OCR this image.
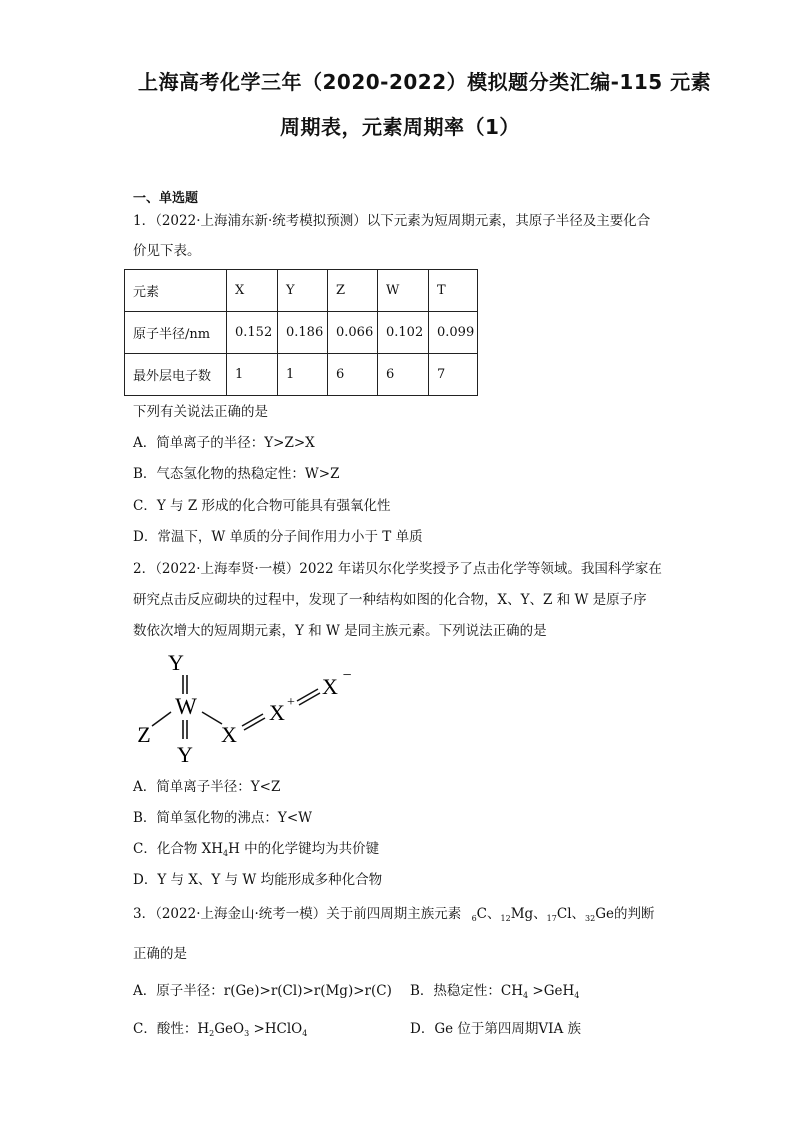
上海高考化学三年（2020-2022）模拟题分类汇编-115 元素
周期表，元素周期率（1）
一、单选题
1．（2022·上海浦东新·统考模拟预测）以下元素为短周期元素，其原子半径及主要化合
价见下表。
元素	X	Y	Z	W	T
原子半径/nm	0.152	0.186	0.066	0.102	0.099
最外层电子数	1	1	6	6	7
下列有关说法正确的是
A．简单离子的半径：Y>Z>X
B．气态氢化物的热稳定性：W>Z
C．Y 与 Z 形成的化合物可能具有强氧化性
D．常温下，W 单质的分子间作用力小于 T 单质
2．（2022·上海奉贤·一模）2022 年诺贝尔化学奖授予了点击化学等领域。我国科学家在
研究点击反应砌块的过程中，发现了一种结构如图的化合物，X、Y、Z 和 W 是原子序
数依次增大的短周期元素，Y 和 W 是同主族元素。下列说法正确的是
Y
W
Y
Z	X
X +
X −
A．简单离子半径：Y<Z
B．简单氢化物的沸点：Y<W
C．化合物 $XH_4H$ 中的化学键均为共价键
D．Y 与 X、Y 与 W 均能形成多种化合物
3．（2022·上海金山·统考一模）关于前四周期主族元素 $_6$C、$_{12}$Mg、$_{17}$Cl、$_{32}$Ge的判断
正确的是
A．原子半径：r(Ge)>r(Cl)>r(Mg)>r(C) B．热稳定性：$CH_4 >GeH_4$
C．酸性：$H_2GeO_3$ >HClO$_4$	D．Ge 位于第四周期VIA 族
